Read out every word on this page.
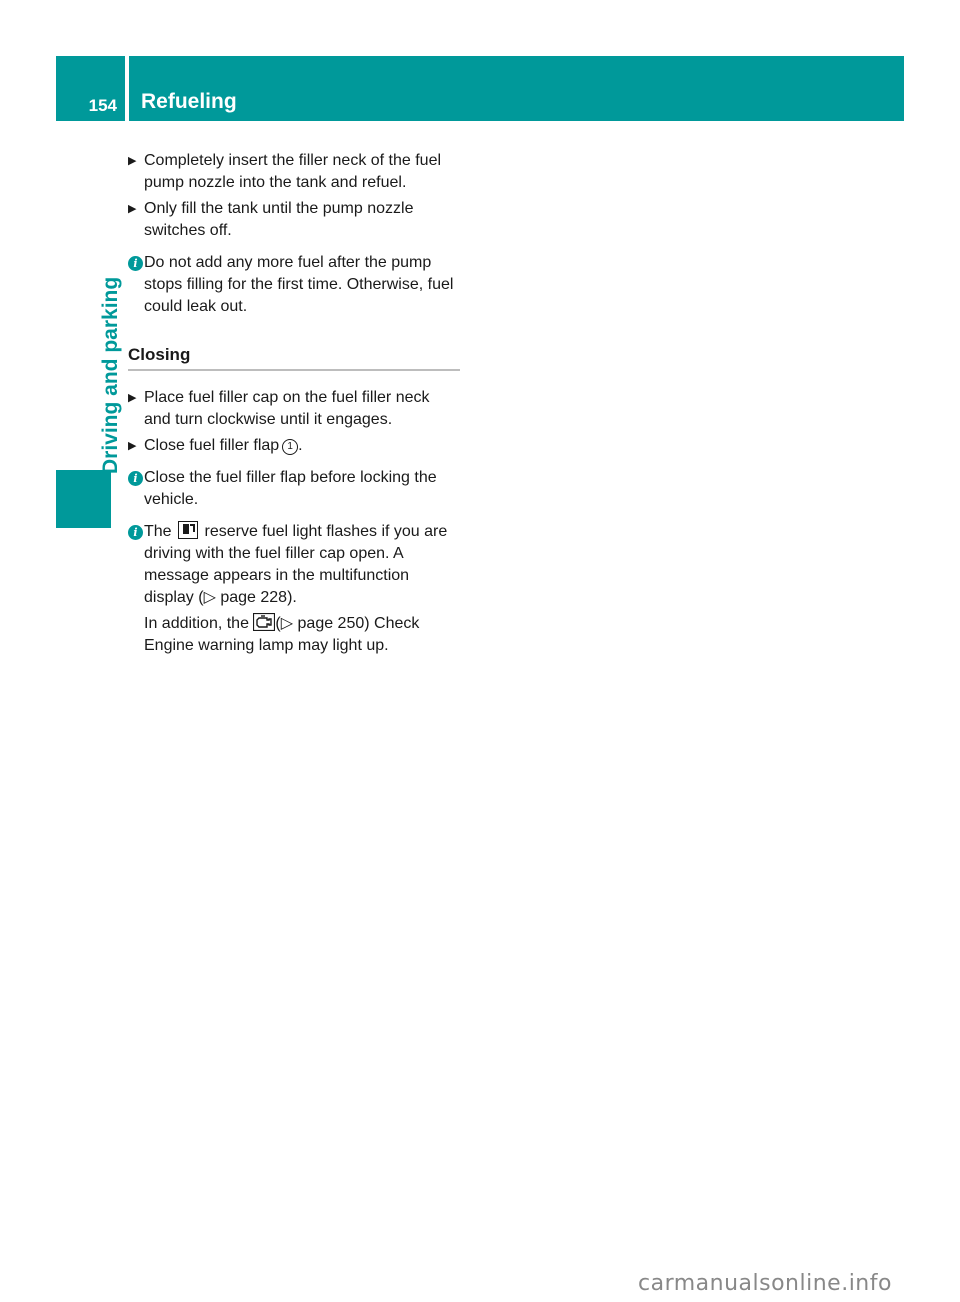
154 Refueling
Driving and parking
▶ Completely insert the filler neck of the fuel pump nozzle into the tank and refuel.
▶ Only fill the tank until the pump nozzle switches off.
i Do not add any more fuel after the pump stops filling for the first time. Otherwise, fuel could leak out.
Closing
▶ Place fuel filler cap on the fuel filler neck and turn clockwise until it engages.
▶ Close fuel filler flap 1 .
i Close the fuel filler flap before locking the vehicle.
i The reserve fuel light flashes if you are driving with the fuel filler cap open. A message appears in the multifunction display (▷ page 228).
In addition, the (▷ page 250) Check Engine warning lamp may light up.
carmanualsonline.info
